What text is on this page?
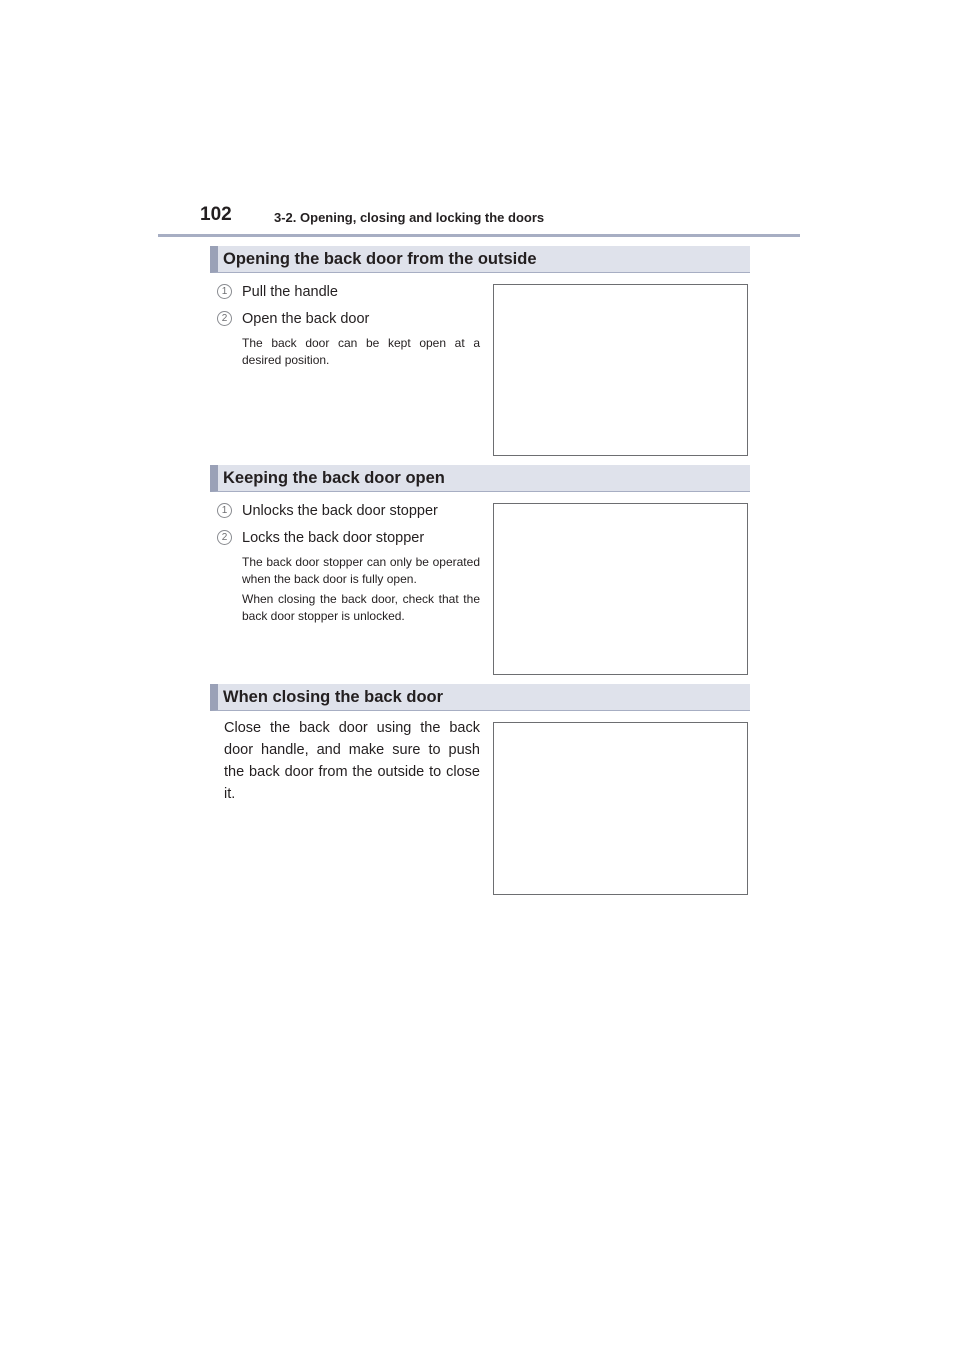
102	3-2. Opening, closing and locking the doors
Opening the back door from the outside
1	Pull the handle
2	Open the back door

The back door can be kept open at a desired position.

Keeping the back door open
1	Unlocks the back door stopper
2	Locks the back door stopper

The back door stopper can only be operated when the back door is fully open.

When closing the back door, check that the back door stopper is unlocked.

When closing the back door
Close the back door using the back door handle, and make sure to push the back door from the outside to close it.
